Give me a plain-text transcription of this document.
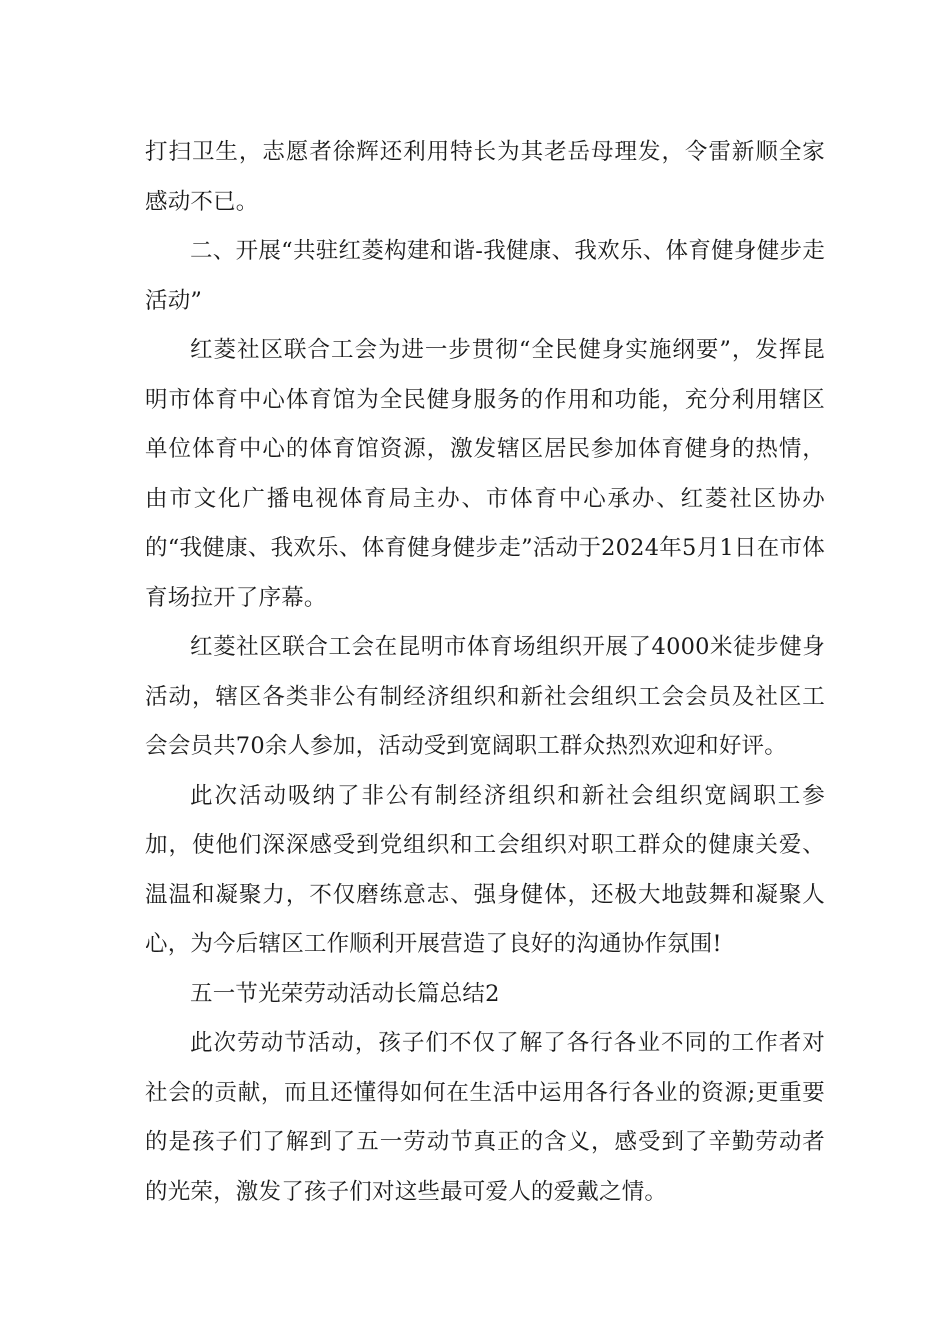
打扫卫生，志愿者徐辉还利用特长为其老岳母理发，令雷新顺全家感动不已。

二、开展“共驻红菱构建和谐-我健康、我欢乐、体育健身健步走活动”

红菱社区联合工会为进一步贯彻“全民健身实施纲要”，发挥昆明市体育中心体育馆为全民健身服务的作用和功能，充分利用辖区单位体育中心的体育馆资源，激发辖区居民参加体育健身的热情，由市文化广播电视体育局主办、市体育中心承办、红菱社区协办的“我健康、我欢乐、体育健身健步走”活动于2024年5月1日在市体育场拉开了序幕。

红菱社区联合工会在昆明市体育场组织开展了4000米徒步健身活动，辖区各类非公有制经济组织和新社会组织工会会员及社区工会会员共70余人参加，活动受到宽阔职工群众热烈欢迎和好评。

此次活动吸纳了非公有制经济组织和新社会组织宽阔职工参加，使他们深深感受到党组织和工会组织对职工群众的健康关爱、温温和凝聚力，不仅磨练意志、强身健体，还极大地鼓舞和凝聚人心，为今后辖区工作顺利开展营造了良好的沟通协作氛围!

五一节光荣劳动活动长篇总结2

此次劳动节活动，孩子们不仅了解了各行各业不同的工作者对社会的贡献，而且还懂得如何在生活中运用各行各业的资源;更重要的是孩子们了解到了五一劳动节真正的含义，感受到了辛勤劳动者的光荣，激发了孩子们对这些最可爱人的爱戴之情。
